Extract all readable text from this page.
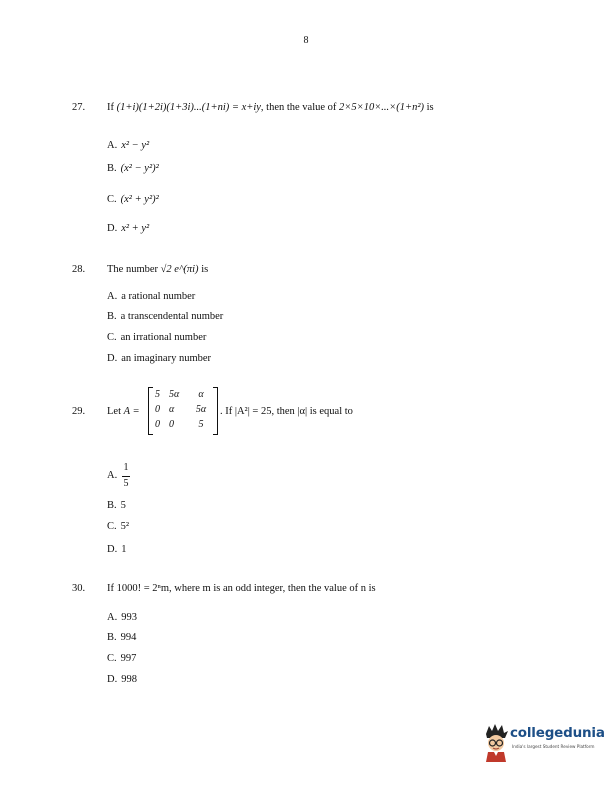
8
27. If (1+i)(1+2i)(1+3i)...(1+ni) = x+iy, then the value of 2×5×10×...×(1+n²) is
A. x² − y²
B. (x² − y²)²
C. (x² + y²)²
D. x² + y²
28. The number √2 e^(πi) is
A. a rational number
B. a transcendental number
C. an irrational number
D. an imaginary number
29. Let A =
5 5α α
0 α 5α
0 0 5
. If |A²| = 25, then |α| is equal to
A.
1
5
B. 5
C. 5²
D. 1
30. If 1000! = 2ⁿm, where m is an odd integer, then the value of n is
A. 993
B. 994
C. 997
D. 998
collegedunia
India's largest Student Review Platform
